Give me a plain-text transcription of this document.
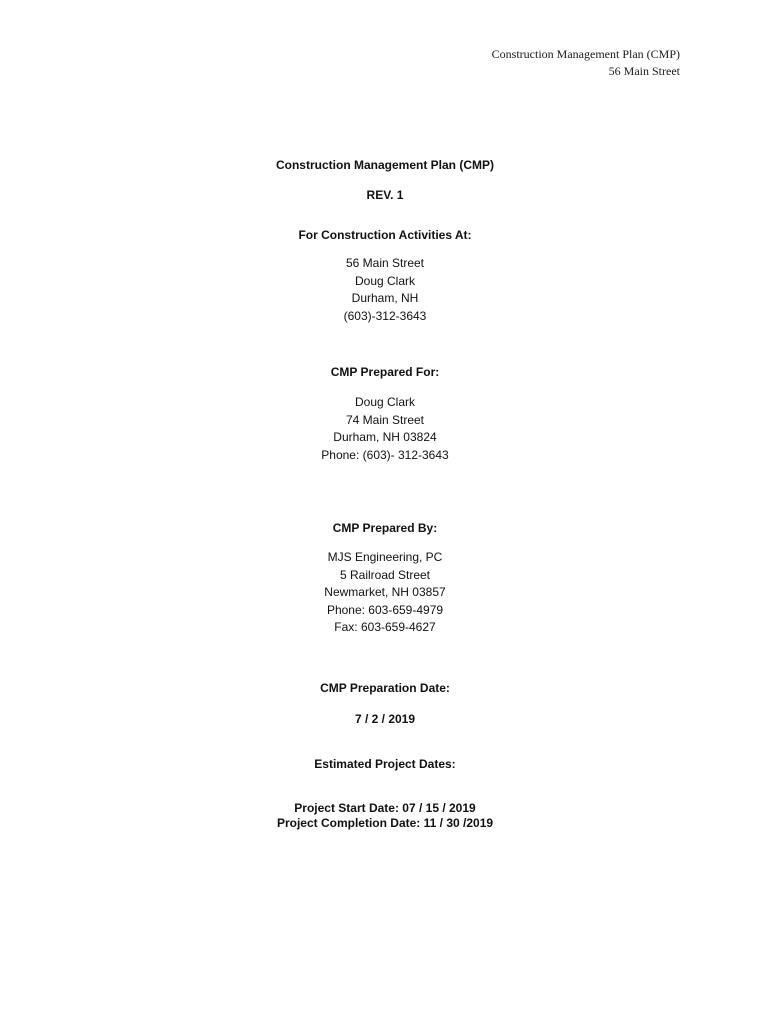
Construction Management Plan (CMP)
56 Main Street
Construction Management Plan (CMP)
REV. 1
For Construction Activities At:
56 Main Street
Doug Clark
Durham, NH
(603)-312-3643
CMP Prepared For:
Doug Clark
74 Main Street
Durham, NH 03824
Phone: (603)- 312-3643
CMP Prepared By:
MJS Engineering, PC
5 Railroad Street
Newmarket, NH 03857
Phone: 603-659-4979
Fax: 603-659-4627
CMP Preparation Date:
7 / 2 / 2019
Estimated Project Dates:
Project Start Date: 07 / 15 / 2019
Project Completion Date: 11 / 30 /2019
